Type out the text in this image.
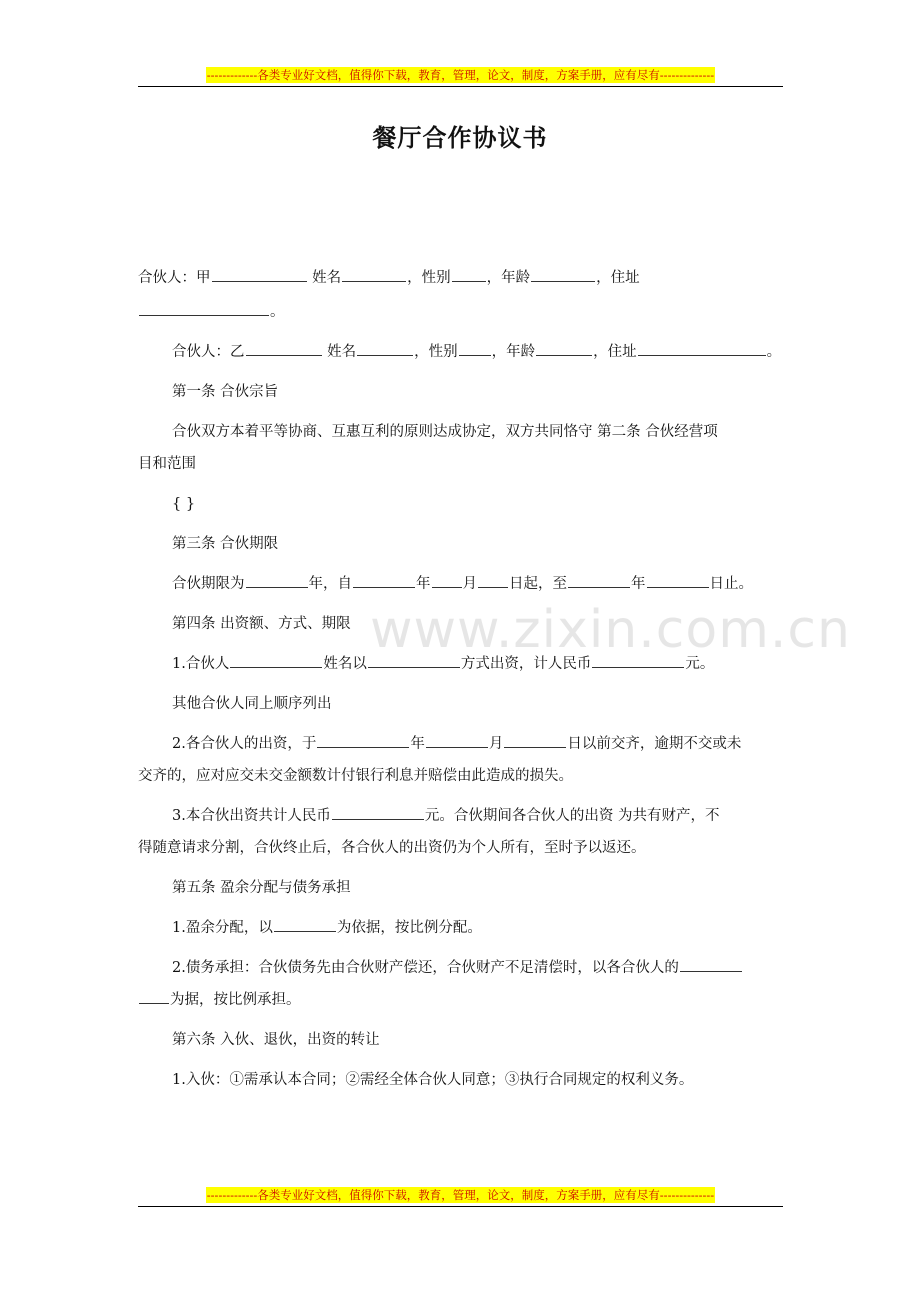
-------------各类专业好文档，值得你下载，教育，管理，论文，制度，方案手册，应有尽有--------------
餐厅合作协议书
www.zixin.com.cn

合伙人：甲	姓名	，性别 ，年龄	，住址

。

合伙人：乙	姓名	，性别 ，年龄	，住址	。

第一条 合伙宗旨

合伙双方本着平等协商、互惠互利的原则达成协定，双方共同恪守 第二条 合伙经营项

目和范围

{ }

第三条 合伙期限

合伙期限为	年，自	年 月 日起，至	年	日止。

第四条 出资额、方式、期限

1.合伙人	姓名以	方式出资，计人民币	元。

其他合伙人同上顺序列出

2.各合伙人的出资，于	年	月	日以前交齐，逾期不交或未

交齐的，应对应交未交金额数计付银行利息并赔偿由此造成的损失。

3.本合伙出资共计人民币	元。合伙期间各合伙人的出资 为共有财产，不

得随意请求分割，合伙终止后，各合伙人的出资仍为个人所有，至时予以返还。

第五条 盈余分配与债务承担

1.盈余分配，以	为依据，按比例分配。

2.债务承担：合伙债务先由合伙财产偿还，合伙财产不足清偿时，以各合伙人的

为据，按比例承担。

第六条 入伙、退伙，出资的转让

1.入伙：①需承认本合同；②需经全体合伙人同意；③执行合同规定的权利义务。

-------------各类专业好文档，值得你下载，教育，管理，论文，制度，方案手册，应有尽有--------------
